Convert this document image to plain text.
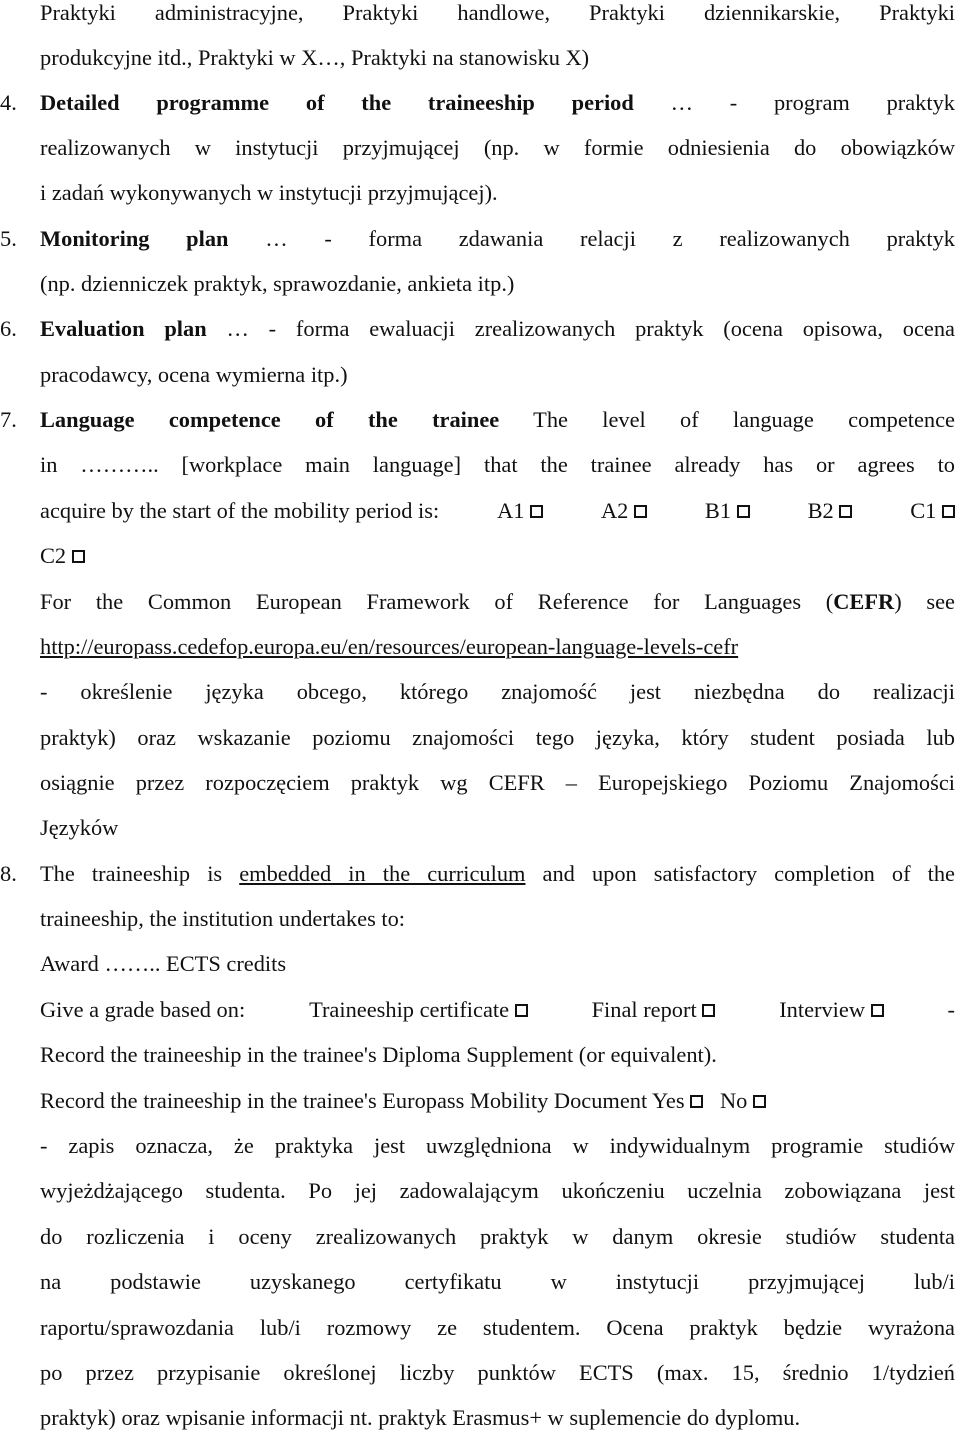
Praktyki administracyjne, Praktyki handlowe, Praktyki dziennikarskie, Praktyki
produkcyjne itd., Praktyki w X…, Praktyki na stanowisku X)
4.	Detailed programme of the traineeship period … - program praktyk
realizowanych w instytucji przyjmującej (np. w formie odniesienia do obowiązków
i zadań wykonywanych w instytucji przyjmującej).
5.	Monitoring plan … - forma zdawania relacji z realizowanych praktyk
(np. dzienniczek praktyk, sprawozdanie, ankieta itp.)
6.	Evaluation plan … - forma ewaluacji zrealizowanych praktyk (ocena opisowa, ocena
pracodawcy, ocena wymierna itp.)
7.	Language competence of the trainee The level of language competence
in ……….. [workplace main language] that the trainee already has or agrees to
acquire by the start of the mobility period is:	A1	A2	B1	B2	C1
C2
For the Common European Framework of Reference for Languages (CEFR) see
http://europass.cedefop.europa.eu/en/resources/european-language-levels-cefr
- określenie języka obcego, którego znajomość jest niezbędna do realizacji
praktyk) oraz wskazanie poziomu znajomości tego języka, który student posiada lub
osiągnie przez rozpoczęciem praktyk wg CEFR – Europejskiego Poziomu Znajomości
Języków
8.	The traineeship is embedded in the curriculum and upon satisfactory completion of the
traineeship, the institution undertakes to:
Award …….. ECTS credits
Give a grade based on:	Traineeship certificate	Final report	Interview	-
Record the traineeship in the trainee's Diploma Supplement (or equivalent).
Record the traineeship in the trainee's Europass Mobility Document Yes No
- zapis oznacza, że praktyka jest uwzględniona w indywidualnym programie studiów
wyjeżdżającego studenta. Po jej zadowalającym ukończeniu uczelnia zobowiązana jest
do rozliczenia i oceny zrealizowanych praktyk w danym okresie studiów studenta
na podstawie uzyskanego certyfikatu w instytucji przyjmującej lub/i
raportu/sprawozdania lub/i rozmowy ze studentem. Ocena praktyk będzie wyrażona
po przez przypisanie określonej liczby punktów ECTS (max. 15, średnio 1/tydzień
praktyk) oraz wpisanie informacji nt. praktyk Erasmus+ w suplemencie do dyplomu.
